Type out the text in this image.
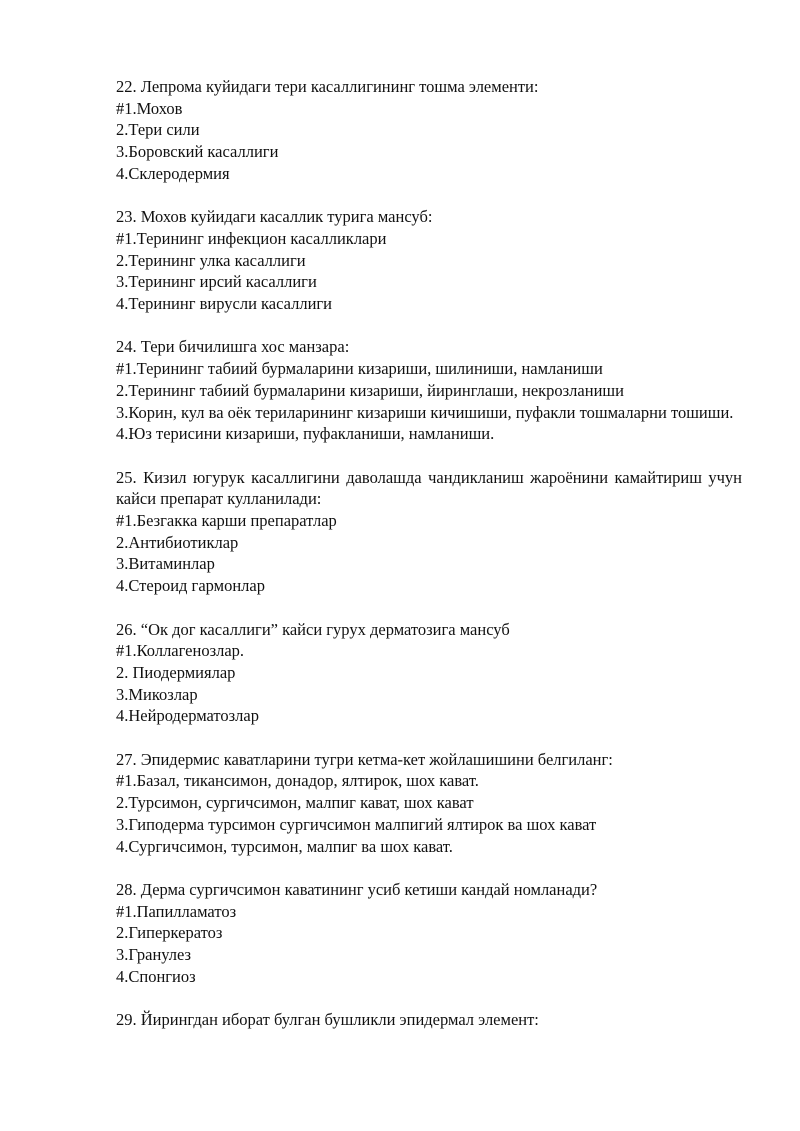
22. Лепрома куйидаги тери касаллигининг тошма элементи:
#1.Мохов
2.Тери сили
3.Боровский касаллиги
4.Склеродермия
23. Мохов куйидаги касаллик турига мансуб:
#1.Терининг инфекцион касалликлари
2.Терининг улка касаллиги
3.Терининг ирсий касаллиги
4.Терининг вирусли касаллиги
24. Тери бичилишга хос манзара:
#1.Терининг табиий бурмаларини кизариши, шилиниши, намланиши
2.Терининг табиий бурмаларини кизариши, йиринглаши, некрозланиши
3.Корин, кул ва оёк териларининг кизариши кичишиши, пуфакли тошмаларни тошиши.
4.Юз терисини кизариши, пуфакланиши, намланиши.
25. Кизил югурук касаллигини даволашда чандикланиш жароёнини камайтириш учун кайси препарат кулланилади:
#1.Безгакка карши препаратлар
2.Антибиотиклар
3.Витаминлар
4.Стероид гармонлар
26. “Ок дог касаллиги” кайси гурух дерматозига мансуб
#1.Коллагенозлар.
2. Пиодермиялар
3.Микозлар
4.Нейродерматозлар
27. Эпидермис каватларини тугри кетма-кет жойлашишини белгиланг:
#1.Базал, тикансимон, донадор, ялтирок, шох кават.
2.Турсимон, сургичсимон, малпиг кават, шох кават
3.Гиподерма турсимон сургичсимон малпигий ялтирок ва шох кават
4.Сургичсимон, турсимон, малпиг ва шох кават.
28. Дерма сургичсимон каватининг усиб кетиши кандай номланади?
#1.Папилламатоз
2.Гиперкератоз
3.Гранулез
4.Спонгиоз
29. Йирингдан иборат булган бушликли эпидермал элемент:
